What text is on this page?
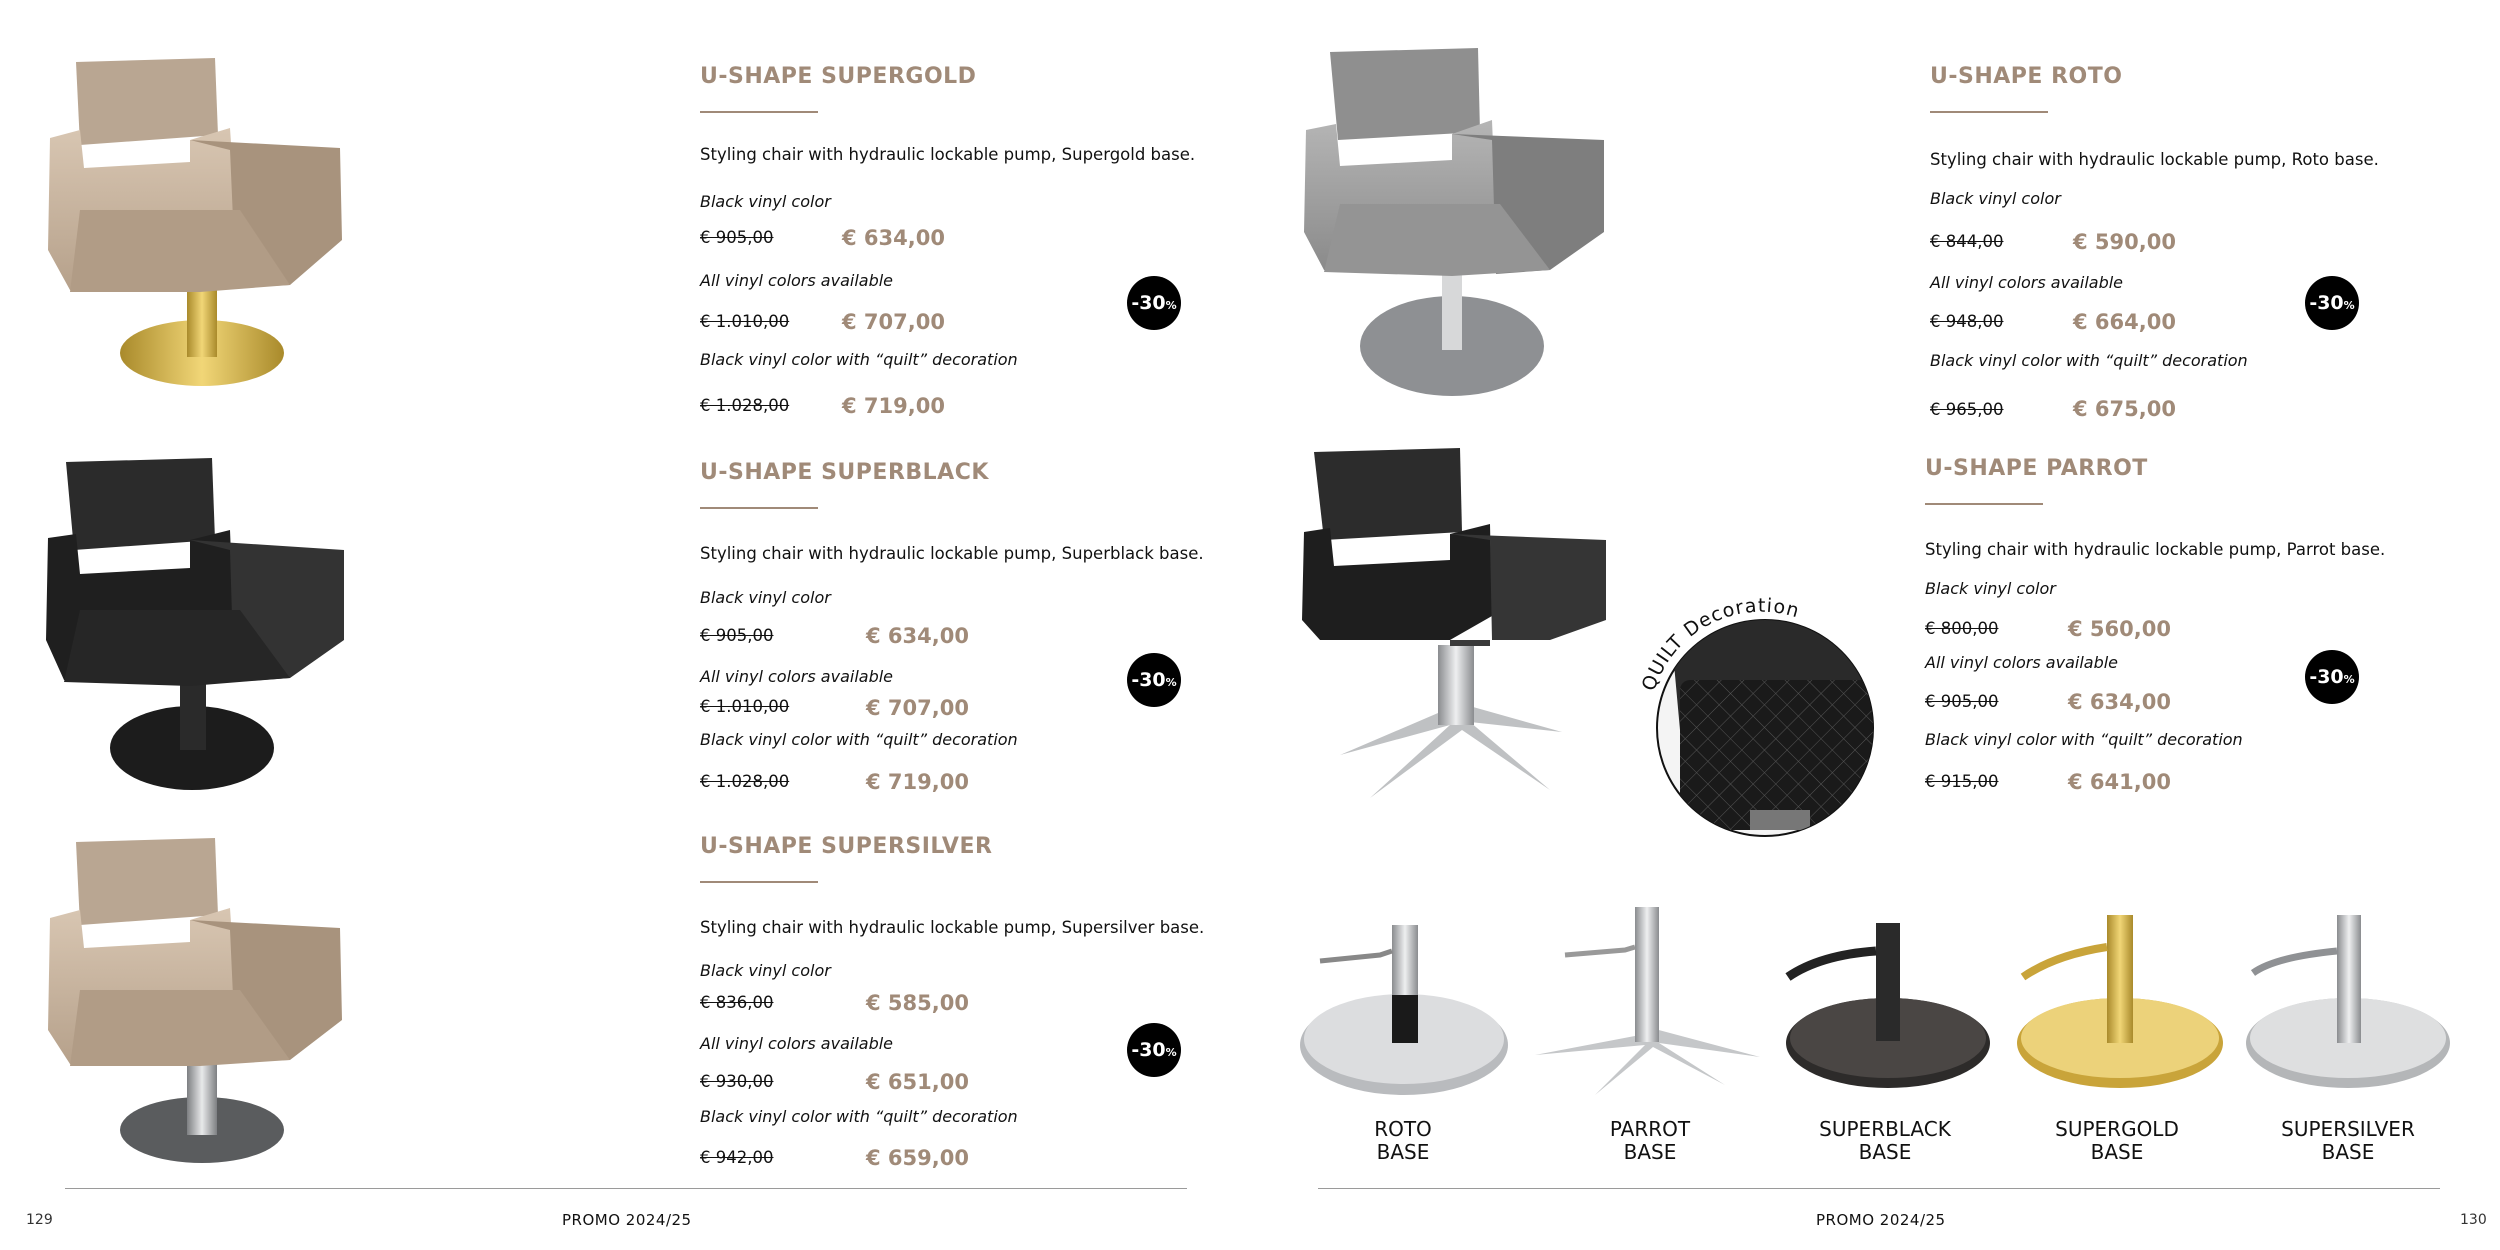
U-SHAPE SUPERGOLD
Styling chair with hydraulic lockable pump, Supergold base.
Black vinyl color
€ 905,00	€ 634,00
All vinyl colors available
€ 1.010,00	€ 707,00
Black vinyl color with “quilt” decoration
€ 1.028,00	€ 719,00
-30 %
U-SHAPE SUPERBLACK
Styling chair with hydraulic lockable pump, Superblack base.
Black vinyl color
€ 905,00	€ 634,00
All vinyl colors available
€ 1.010,00	€ 707,00
Black vinyl color with “quilt” decoration
€ 1.028,00	€ 719,00
-30 %
U-SHAPE SUPERSILVER
Styling chair with hydraulic lockable pump, Supersilver base.
Black vinyl color
€ 836,00	€ 585,00
All vinyl colors available
€ 930,00	€ 651,00
Black vinyl color with “quilt” decoration
€ 942,00	€ 659,00
-30 %
129	PROMO 2024/25
QUILT Decoration
U-SHAPE ROTO
Styling chair with hydraulic lockable pump, Roto base.
Black vinyl color
€ 844,00	€ 590,00
All vinyl colors available
€ 948,00	€ 664,00
Black vinyl color with “quilt” decoration
€ 965,00	€ 675,00
-30 %
U-SHAPE PARROT
Styling chair with hydraulic lockable pump, Parrot base.
Black vinyl color
€ 800,00	€ 560,00
All vinyl colors available
€ 905,00	€ 634,00
Black vinyl color with “quilt” decoration
€ 915,00	€ 641,00
-30 %
ROTO
BASE
PARROT
BASE
SUPERBLACK
BASE
SUPERGOLD
BASE
SUPERSILVER
BASE
PROMO 2024/25	130
